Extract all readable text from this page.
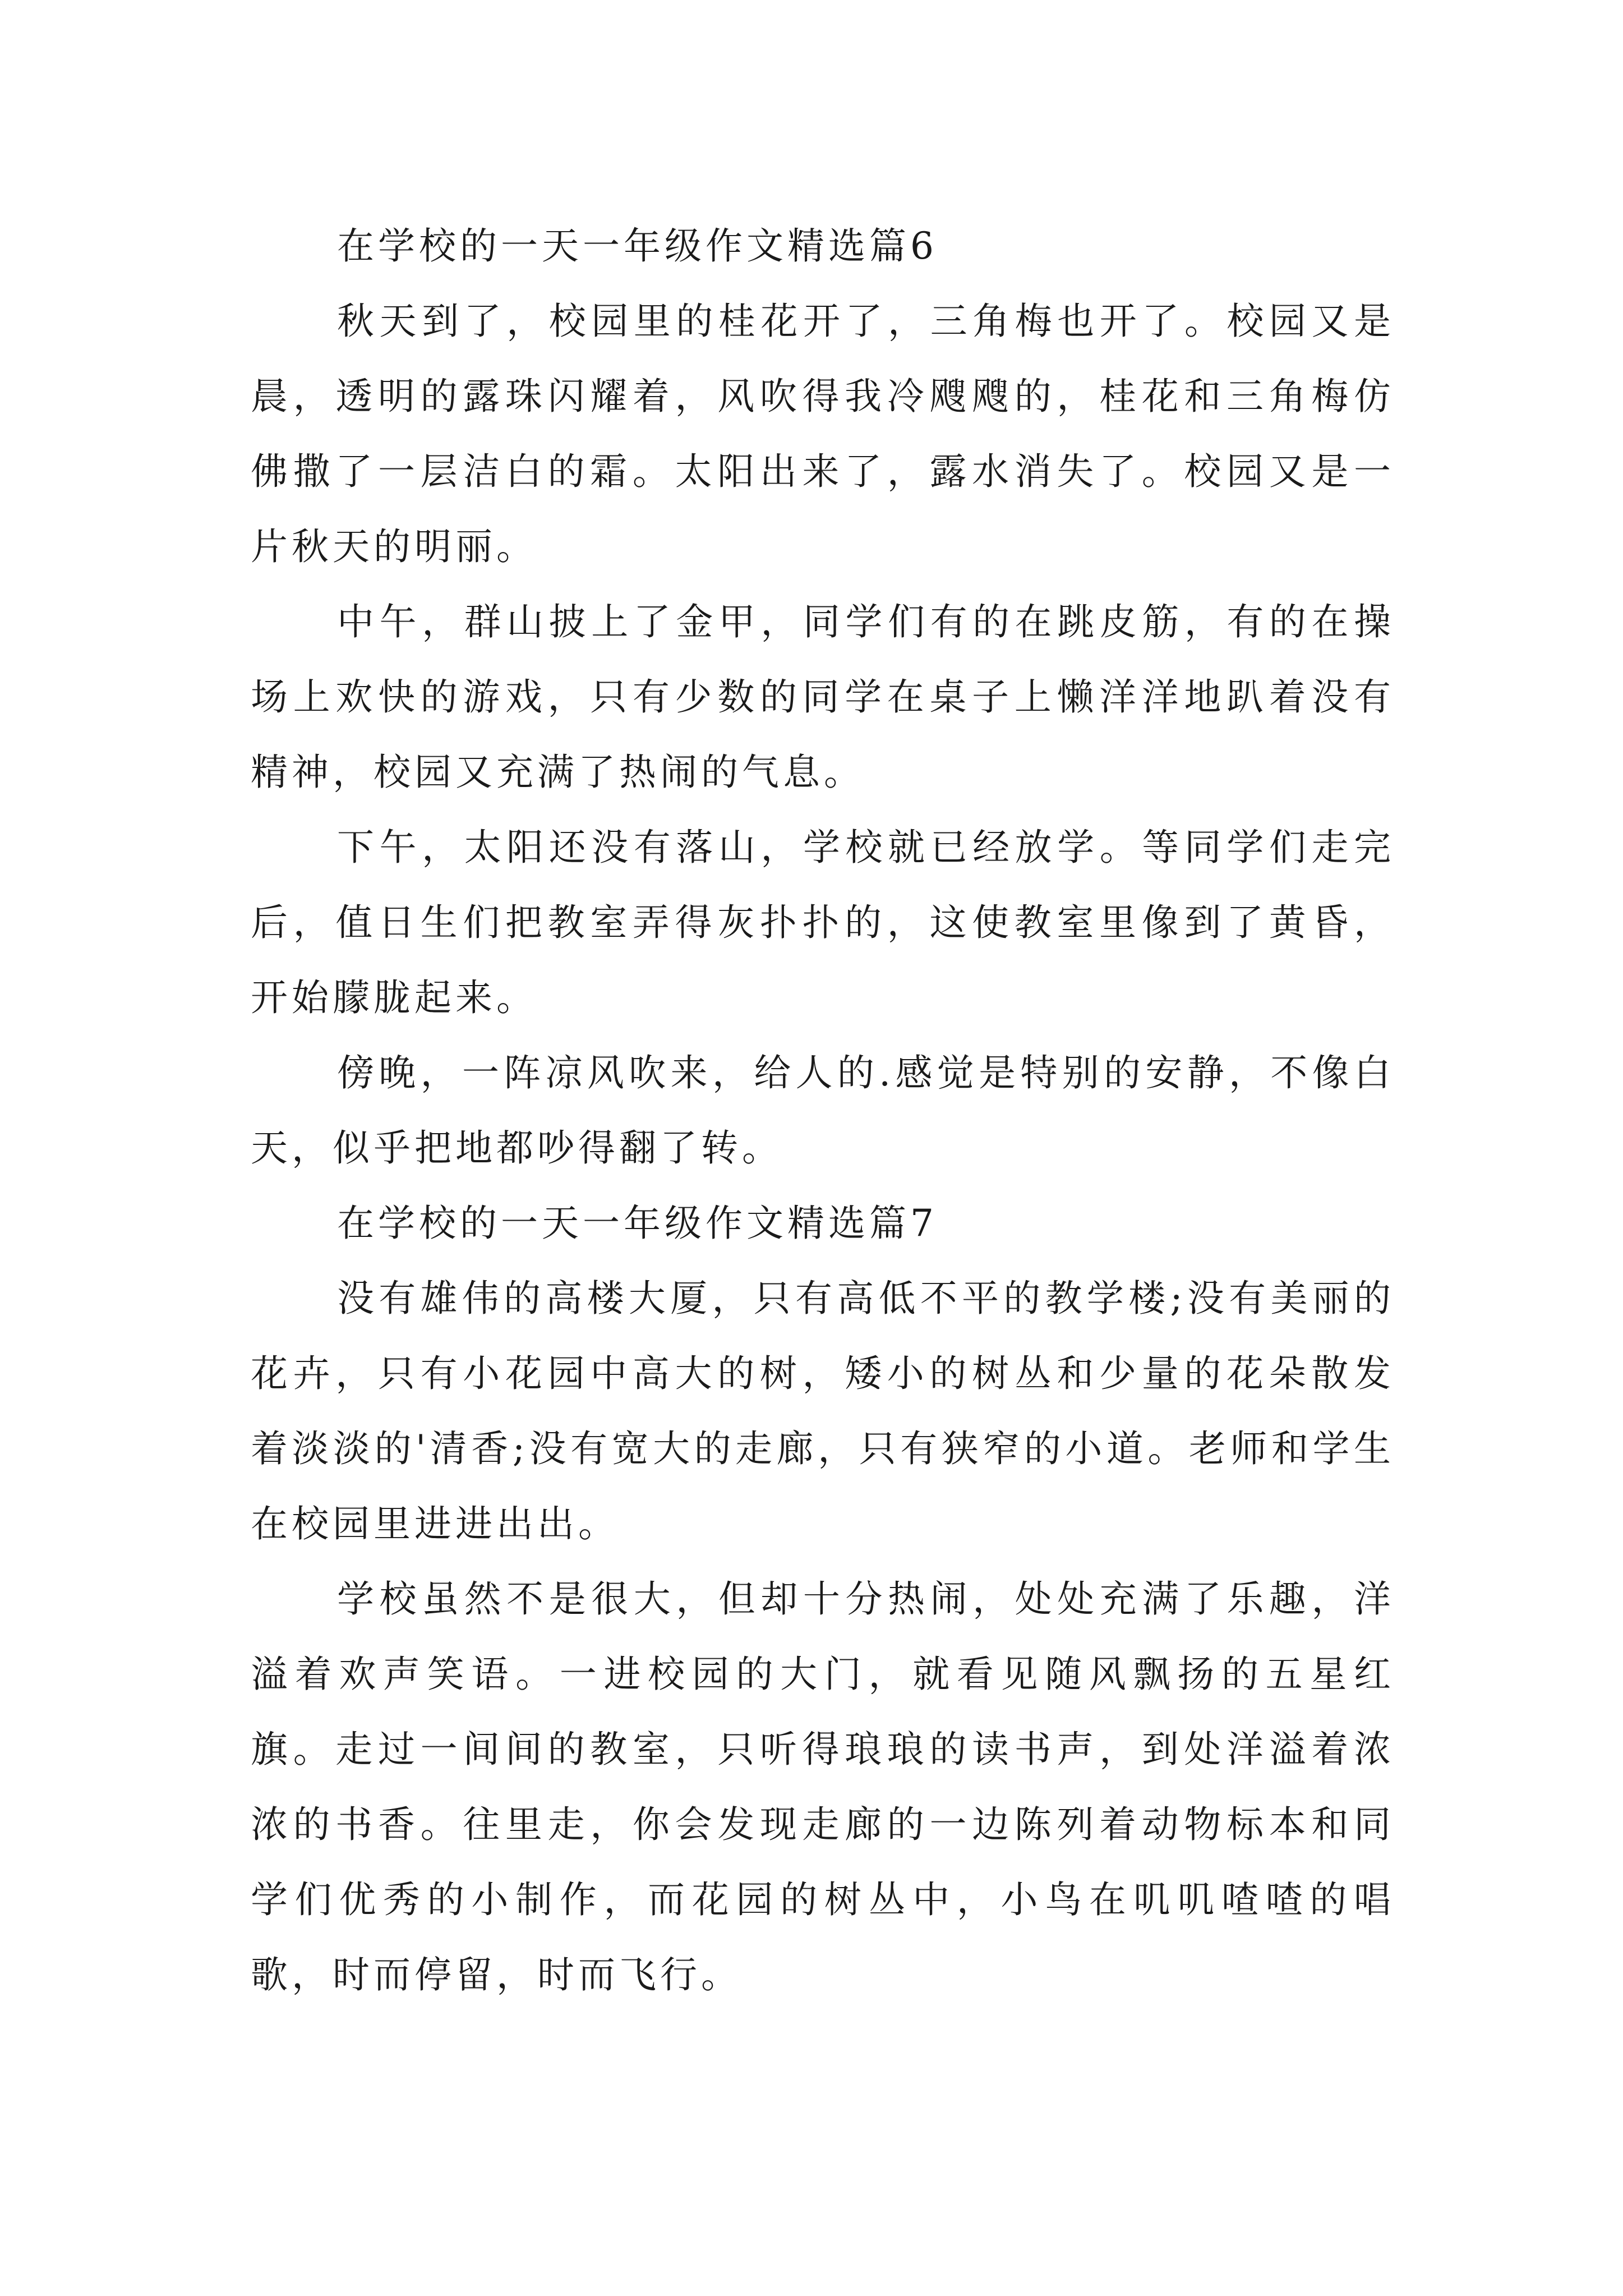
在学校的一天一年级作文精选篇6

秋天到了，校园里的桂花开了，三角梅也开了。校园又是晨，透明的露珠闪耀着，风吹得我冷飕飕的，桂花和三角梅仿佛撒了一层洁白的霜。太阳出来了，露水消失了。校园又是一片秋天的明丽。

中午，群山披上了金甲，同学们有的在跳皮筋，有的在操场上欢快的游戏，只有少数的同学在桌子上懒洋洋地趴着没有精神，校园又充满了热闹的气息。

下午，太阳还没有落山，学校就已经放学。等同学们走完后，值日生们把教室弄得灰扑扑的，这使教室里像到了黄昏，开始朦胧起来。

傍晚，一阵凉风吹来，给人的.感觉是特别的安静，不像白天，似乎把地都吵得翻了转。

在学校的一天一年级作文精选篇7

没有雄伟的高楼大厦，只有高低不平的教学楼;没有美丽的花卉，只有小花园中高大的树，矮小的树丛和少量的花朵散发着淡淡的'清香;没有宽大的走廊，只有狭窄的小道。老师和学生在校园里进进出出。

学校虽然不是很大，但却十分热闹，处处充满了乐趣，洋溢着欢声笑语。一进校园的大门，就看见随风飘扬的五星红旗。走过一间间的教室，只听得琅琅的读书声，到处洋溢着浓浓的书香。往里走，你会发现走廊的一边陈列着动物标本和同学们优秀的小制作，而花园的树丛中，小鸟在叽叽喳喳的唱歌，时而停留，时而飞行。
